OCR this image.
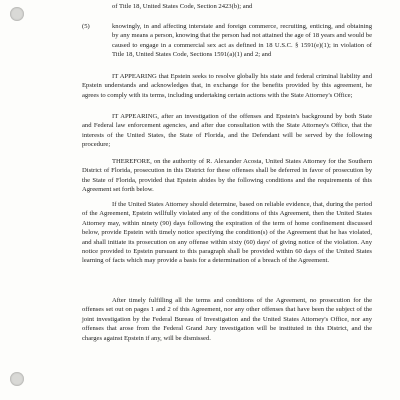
of Title 18, United States Code, Section 2423(b); and
(5)	knowingly, in and affecting interstate and foreign commerce, recruiting, enticing, and obtaining by any means a person, knowing that the person had not attained the age of 18 years and would be caused to engage in a commercial sex act as defined in 18 U.S.C. § 1591(e)(1); in violation of Title 18, United States Code, Sections 1591(a)(1) and 2; and

IT APPEARING that Epstein seeks to resolve globally his state and federal criminal liability and Epstein understands and acknowledges that, in exchange for the benefits provided by this agreement, he agrees to comply with its terms, including undertaking certain actions with the State Attorney's Office;

IT APPEARING, after an investigation of the offenses and Epstein's background by both State and Federal law enforcement agencies, and after due consultation with the State Attorney's Office, that the interests of the United States, the State of Florida, and the Defendant will be served by the following procedure;

THEREFORE, on the authority of R. Alexander Acosta, United States Attorney for the Southern District of Florida, prosecution in this District for these offenses shall be deferred in favor of prosecution by the State of Florida, provided that Epstein abides by the following conditions and the requirements of this Agreement set forth below.

If the United States Attorney should determine, based on reliable evidence, that, during the period of the Agreement, Epstein willfully violated any of the conditions of this Agreement, then the United States Attorney may, within ninety (90) days following the expiration of the term of home confinement discussed below, provide Epstein with timely notice specifying the condition(s) of the Agreement that he has violated, and shall initiate its prosecution on any offense within sixty (60) days' of giving notice of the violation. Any notice provided to Epstein pursuant to this paragraph shall be provided within 60 days of the United States learning of facts which may provide a basis for a determination of a breach of the Agreement.

After timely fulfilling all the terms and conditions of the Agreement, no prosecution for the offenses set out on pages 1 and 2 of this Agreement, nor any other offenses that have been the subject of the joint investigation by the Federal Bureau of Investigation and the United States Attorney's Office, nor any offenses that arose from the Federal Grand Jury investigation will be instituted in this District, and the charges against Epstein if any, will be dismissed.
